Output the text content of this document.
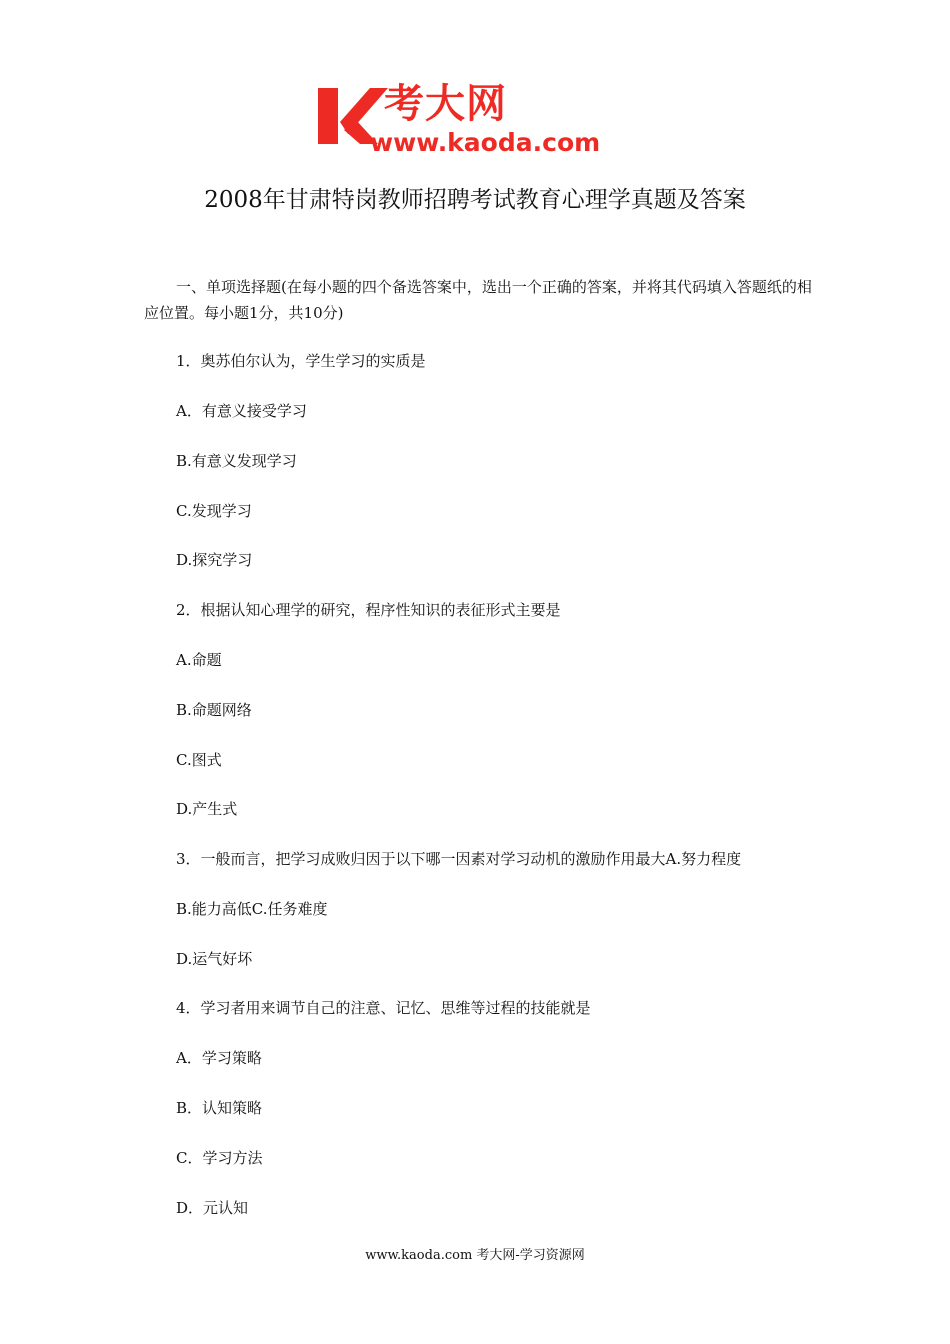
考大网
www.kaoda.com
2008年甘肃特岗教师招聘考试教育心理学真题及答案
一、单项选择题(在每小题的四个备选答案中，选出一个正确的答案，并将其代码填入答题纸的相应位置。每小题1分，共10分)
1．奥苏伯尔认为，学生学习的实质是
A．有意义接受学习
B.有意义发现学习
C.发现学习
D.探究学习
2．根据认知心理学的研究，程序性知识的表征形式主要是
A.命题
B.命题网络
C.图式
D.产生式
3．一般而言，把学习成败归因于以下哪一因素对学习动机的激励作用最大A.努力程度
B.能力高低C.任务难度
D.运气好坏
4．学习者用来调节自己的注意、记忆、思维等过程的技能就是
A．学习策略
B．认知策略
C．学习方法
D．元认知
www.kaoda.com 考大网-学习资源网
